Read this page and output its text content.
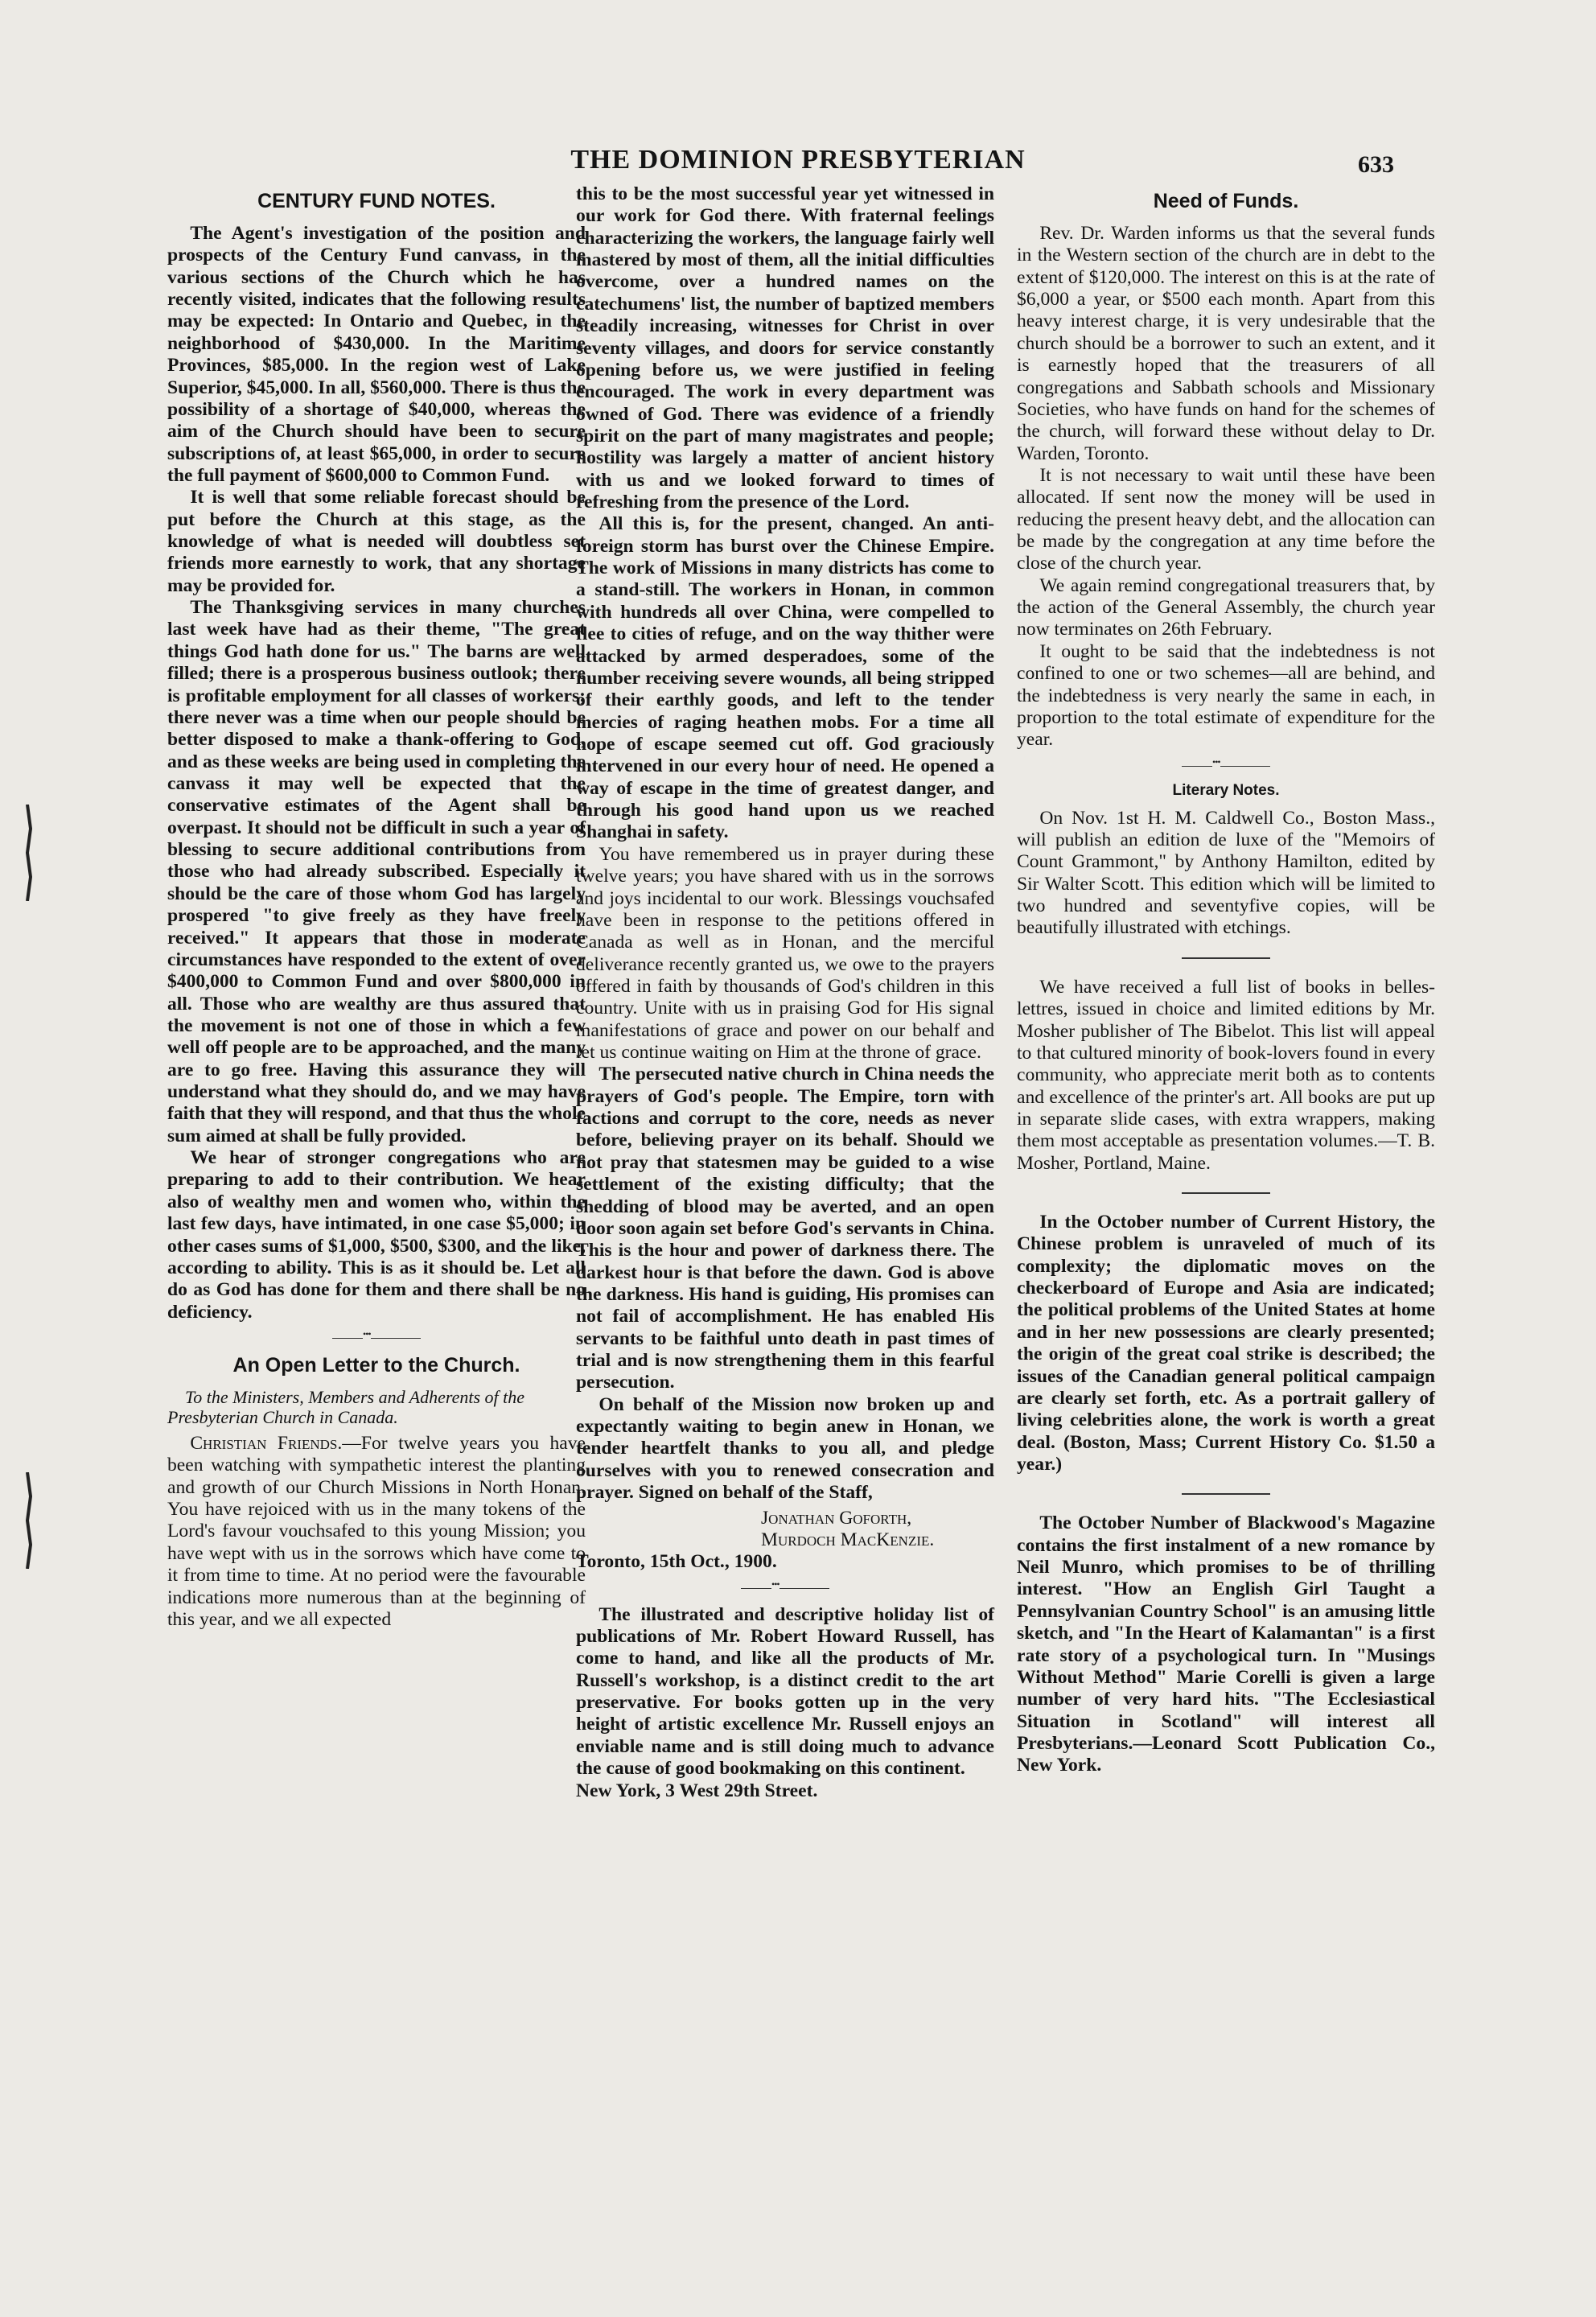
THE DOMINION PRESBYTERIAN	633
CENTURY FUND NOTES.

The Agent's investigation of the position and prospects of the Century Fund canvass, in the various sections of the Church which he has recently visited, indicates that the following results may be expected: In Ontario and Quebec, in the neighborhood of $430,000. In the Maritime Provinces, $85,000. In the region west of Lake Superior, $45,000. In all, $560,000. There is thus the possibility of a shortage of $40,000, whereas the aim of the Church should have been to secure subscriptions of, at least $65,000, in order to secure the full payment of $600,000 to Common Fund.

It is well that some reliable forecast should be put before the Church at this stage, as the knowledge of what is needed will doubtless set friends more earnestly to work, that any shortage may be provided for.

The Thanksgiving services in many churches last week have had as their theme, "The great things God hath done for us." The barns are well filled; there is a prosperous business outlook; there is profitable employment for all classes of workers; there never was a time when our people should be better disposed to make a thank-offering to God, and as these weeks are being used in completing the canvass it may well be expected that the conservative estimates of the Agent shall be overpast. It should not be difficult in such a year of blessing to secure additional contributions from those who had already subscribed. Especially it should be the care of those whom God has largely prospered "to give freely as they have freely received." It appears that those in moderate circumstances have responded to the extent of over $400,000 to Common Fund and over $800,000 in all. Those who are wealthy are thus assured that the movement is not one of those in which a few well off people are to be approached, and the many are to go free. Having this assurance they will understand what they should do, and we may have faith that they will respond, and that thus the whole sum aimed at shall be fully provided.

We hear of stronger congregations who are preparing to add to their contribution. We hear also of wealthy men and women who, within the last few days, have intimated, in one case $5,000; in other cases sums of $1,000, $500, $300, and the like, according to ability. This is as it should be. Let all do as God has done for them and there shall be no deficiency.

An Open Letter to the Church.
To the Ministers, Members and Adherents of the Presbyterian Church in Canada.

Christian Friends.—For twelve years you have been watching with sympathetic interest the planting and growth of our Church Missions in North Honan. You have rejoiced with us in the many tokens of the Lord's favour vouchsafed to this young Mission; you have wept with us in the sorrows which have come to it from time to time. At no period were the favourable indications more numerous than at the beginning of this year, and we all expected

this to be the most successful year yet witnessed in our work for God there. With fraternal feelings characterizing the workers, the language fairly well mastered by most of them, all the initial difficulties overcome, over a hundred names on the catechumens' list, the number of baptized members steadily increasing, witnesses for Christ in over seventy villages, and doors for service constantly opening before us, we were justified in feeling encouraged. The work in every department was owned of God. There was evidence of a friendly spirit on the part of many magistrates and people; hostility was largely a matter of ancient history with us and we looked forward to times of refreshing from the presence of the Lord.

All this is, for the present, changed. An anti-foreign storm has burst over the Chinese Empire. The work of Missions in many districts has come to a stand-still. The workers in Honan, in common with hundreds all over China, were compelled to flee to cities of refuge, and on the way thither were attacked by armed desperadoes, some of the number receiving severe wounds, all being stripped of their earthly goods, and left to the tender mercies of raging heathen mobs. For a time all hope of escape seemed cut off. God graciously intervened in our every hour of need. He opened a way of escape in the time of greatest danger, and through his good hand upon us we reached Shanghai in safety.

You have remembered us in prayer during these twelve years; you have shared with us in the sorrows and joys incidental to our work. Blessings vouchsafed have been in response to the petitions offered in Canada as well as in Honan, and the merciful deliverance recently granted us, we owe to the prayers offered in faith by thousands of God's children in this country. Unite with us in praising God for His signal manifestations of grace and power on our behalf and let us continue waiting on Him at the throne of grace.

The persecuted native church in China needs the prayers of God's people. The Empire, torn with factions and corrupt to the core, needs as never before, believing prayer on its behalf. Should we not pray that statesmen may be guided to a wise settlement of the existing difficulty; that the shedding of blood may be averted, and an open door soon again set before God's servants in China. This is the hour and power of darkness there. The darkest hour is that before the dawn. God is above the darkness. His hand is guiding, His promises can not fail of accomplishment. He has enabled His servants to be faithful unto death in past times of trial and is now strengthening them in this fearful persecution.

On behalf of the Mission now broken up and expectantly waiting to begin anew in Honan, we tender heartfelt thanks to you all, and pledge ourselves with you to renewed consecration and prayer. Signed on behalf of the Staff,

Jonathan Goforth,
Murdoch MacKenzie.

Toronto, 15th Oct., 1900.

The illustrated and descriptive holiday list of publications of Mr. Robert Howard Russell, has come to hand, and like all the products of Mr. Russell's workshop, is a distinct credit to the art preservative. For books gotten up in the very height of artistic excellence Mr. Russell enjoys an enviable name and is still doing much to advance the cause of good bookmaking on this continent.

New York, 3 West 29th Street.

Need of Funds.

Rev. Dr. Warden informs us that the several funds in the Western section of the church are in debt to the extent of $120,000. The interest on this is at the rate of $6,000 a year, or $500 each month. Apart from this heavy interest charge, it is very undesirable that the church should be a borrower to such an extent, and it is earnestly hoped that the treasurers of all congregations and Sabbath schools and Missionary Societies, who have funds on hand for the schemes of the church, will forward these without delay to Dr. Warden, Toronto.

It is not necessary to wait until these have been allocated. If sent now the money will be used in reducing the present heavy debt, and the allocation can be made by the congregation at any time before the close of the church year.

We again remind congregational treasurers that, by the action of the General Assembly, the church year now terminates on 26th February.

It ought to be said that the indebtedness is not confined to one or two schemes—all are behind, and the indebtedness is very nearly the same in each, in proportion to the total estimate of expenditure for the year.

Literary Notes.

On Nov. 1st H. M. Caldwell Co., Boston Mass., will publish an edition de luxe of the "Memoirs of Count Grammont," by Anthony Hamilton, edited by Sir Walter Scott. This edition which will be limited to two hundred and seventyfive copies, will be beautifully illustrated with etchings.

We have received a full list of books in belles-lettres, issued in choice and limited editions by Mr. Mosher publisher of The Bibelot. This list will appeal to that cultured minority of book-lovers found in every community, who appreciate merit both as to contents and excellence of the printer's art. All books are put up in separate slide cases, with extra wrappers, making them most acceptable as presentation volumes.—T. B. Mosher, Portland, Maine.

In the October number of Current History, the Chinese problem is unraveled of much of its complexity; the diplomatic moves on the checkerboard of Europe and Asia are indicated; the political problems of the United States at home and in her new possessions are clearly presented; the origin of the great coal strike is described; the issues of the Canadian general political campaign are clearly set forth, etc. As a portrait gallery of living celebrities alone, the work is worth a great deal. (Boston, Mass; Current History Co. $1.50 a year.)

The October Number of Blackwood's Magazine contains the first instalment of a new romance by Neil Munro, which promises to be of thrilling interest. "How an English Girl Taught a Pennsylvanian Country School" is an amusing little sketch, and "In the Heart of Kalamantan" is a first rate story of a psychological turn. In "Musings Without Method" Marie Corelli is given a large number of very hard hits. "The Ecclesiastical Situation in Scotland" will interest all Presbyterians.—Leonard Scott Publication Co., New York.
